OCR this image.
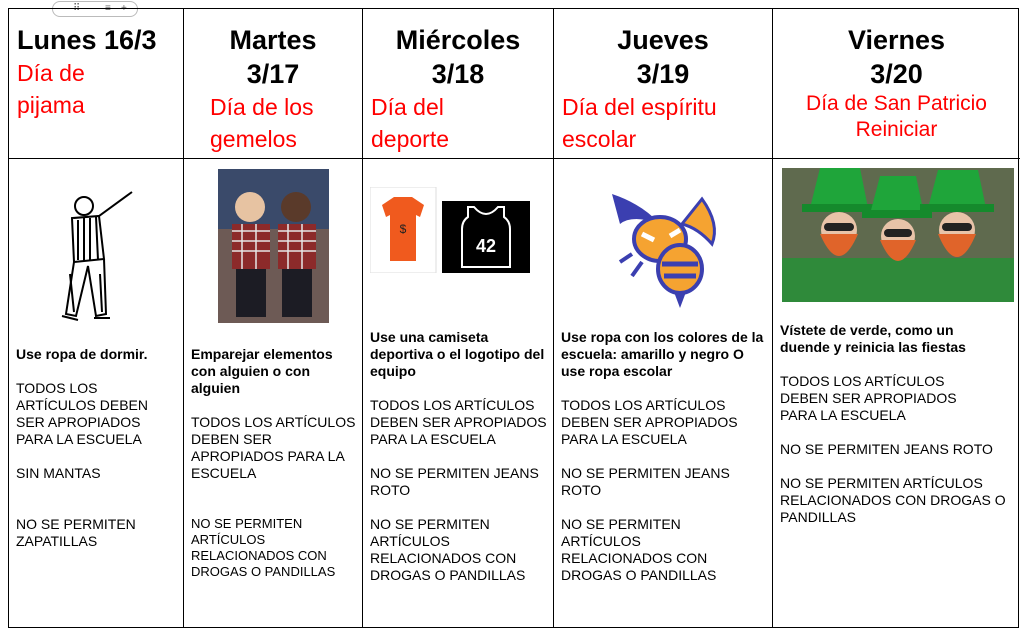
⠿ ≡ +
Lunes 16/3
Día de pijama

Use ropa de dormir.

TODOS LOS ARTÍCULOS DEBEN SER APROPIADOS PARA LA ESCUELA

SIN MANTAS

NO SE PERMITEN ZAPATILLAS

Martes 3/17
Día de los gemelos

Emparejar elementos con alguien o con alguien

TODOS LOS ARTÍCULOS DEBEN SER APROPIADOS PARA LA ESCUELA

NO SE PERMITEN ARTÍCULOS RELACIONADOS CON DROGAS O PANDILLAS

Miércoles 3/18
Día del deporte
$
42

Use una camiseta deportiva o el logotipo del equipo

TODOS LOS ARTÍCULOS DEBEN SER APROPIADOS PARA LA ESCUELA

NO SE PERMITEN JEANS ROTO

NO SE PERMITEN ARTÍCULOS RELACIONADOS CON DROGAS O PANDILLAS

Jueves 3/19
Día del espíritu escolar

Use ropa con los colores de la escuela: amarillo y negro O use ropa escolar

TODOS LOS ARTÍCULOS DEBEN SER APROPIADOS PARA LA ESCUELA

NO SE PERMITEN JEANS ROTO

NO SE PERMITEN ARTÍCULOS RELACIONADOS CON DROGAS O PANDILLAS

Viernes 3/20
Día de San Patricio Reiniciar

Vístete de verde, como un duende y reinicia las fiestas

TODOS LOS ARTÍCULOS DEBEN SER APROPIADOS PARA LA ESCUELA

NO SE PERMITEN JEANS ROTO

NO SE PERMITEN ARTÍCULOS RELACIONADOS CON DROGAS O PANDILLAS
